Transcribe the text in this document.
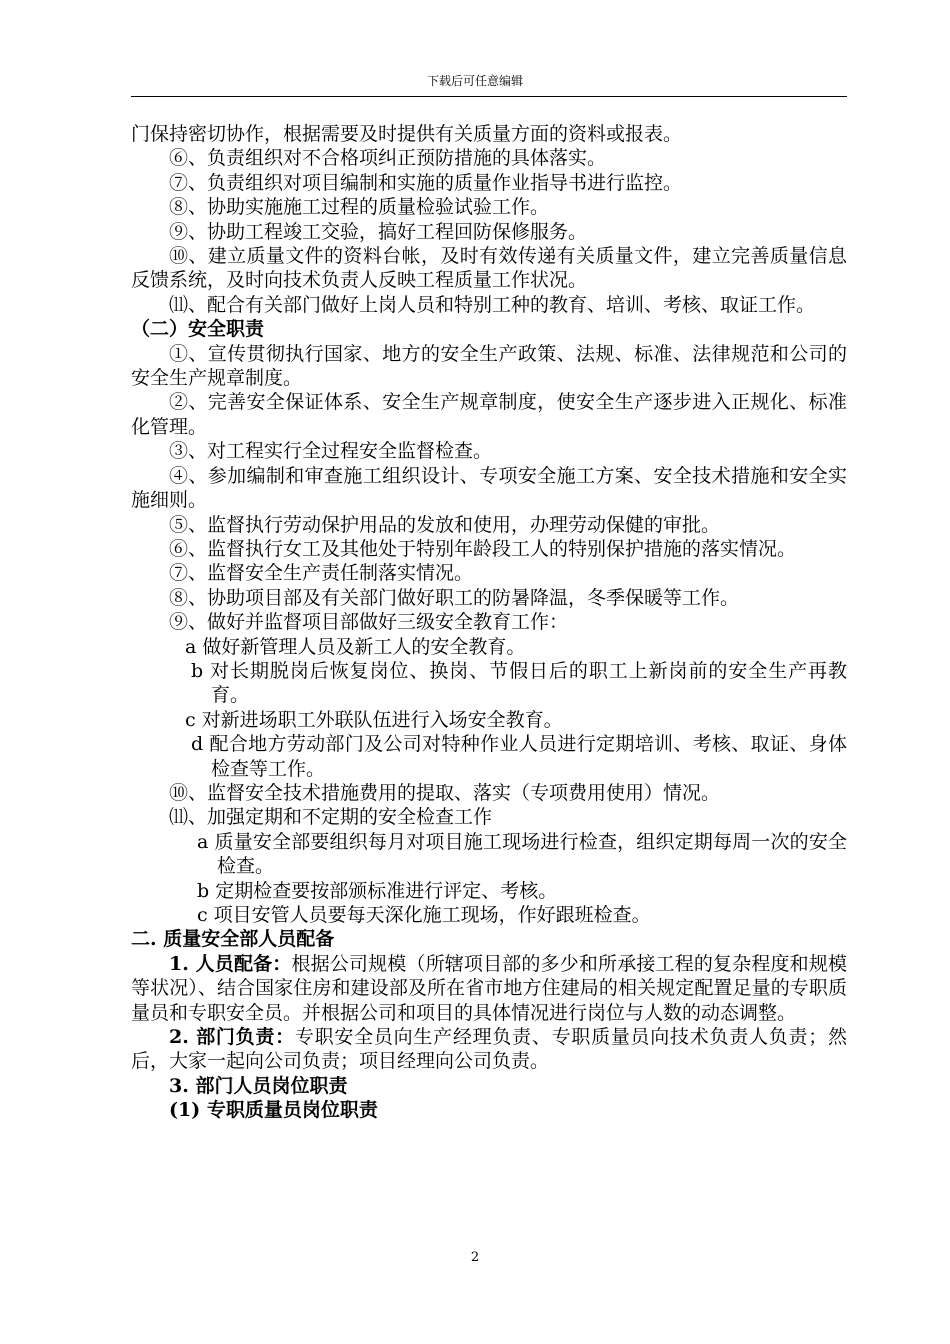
下载后可任意编辑

门保持密切协作，根据需要及时提供有关质量方面的资料或报表。

⑥、负责组织对不合格项纠正预防措施的具体落实。

⑦、负责组织对项目编制和实施的质量作业指导书进行监控。

⑧、协助实施施工过程的质量检验试验工作。

⑨、协助工程竣工交验，搞好工程回防保修服务。

⑩、建立质量文件的资料台帐，及时有效传递有关质量文件，建立完善质量信息反馈系统，及时向技术负责人反映工程质量工作状况。

⑾、配合有关部门做好上岗人员和特别工种的教育、培训、考核、取证工作。

（二）安全职责

①、宣传贯彻执行国家、地方的安全生产政策、法规、标准、法律规范和公司的安全生产规章制度。

②、完善安全保证体系、安全生产规章制度，使安全生产逐步进入正规化、标准化管理。

③、对工程实行全过程安全监督检查。

④、参加编制和审查施工组织设计、专项安全施工方案、安全技术措施和安全实施细则。

⑤、监督执行劳动保护用品的发放和使用，办理劳动保健的审批。

⑥、监督执行女工及其他处于特别年龄段工人的特别保护措施的落实情况。

⑦、监督安全生产责任制落实情况。

⑧、协助项目部及有关部门做好职工的防暑降温，冬季保暖等工作。

⑨、做好并监督项目部做好三级安全教育工作：

a 做好新管理人员及新工人的安全教育。

b 对长期脱岗后恢复岗位、换岗、节假日后的职工上新岗前的安全生产再教育。

c 对新进场职工外联队伍进行入场安全教育。

d 配合地方劳动部门及公司对特种作业人员进行定期培训、考核、取证、身体检查等工作。

⑩、监督安全技术措施费用的提取、落实（专项费用使用）情况。

⑾、加强定期和不定期的安全检查工作

a 质量安全部要组织每月对项目施工现场进行检查，组织定期每周一次的安全检查。

b 定期检查要按部颁标准进行评定、考核。

c 项目安管人员要每天深化施工现场，作好跟班检查。

二. 质量安全部人员配备

1. 人员配备：根据公司规模（所辖项目部的多少和所承接工程的复杂程度和规模等状况）、结合国家住房和建设部及所在省市地方住建局的相关规定配置足量的专职质量员和专职安全员。并根据公司和项目的具体情况进行岗位与人数的动态调整。

2. 部门负责：专职安全员向生产经理负责、专职质量员向技术负责人负责；然后，大家一起向公司负责；项目经理向公司负责。

3. 部门人员岗位职责

(1) 专职质量员岗位职责

2
